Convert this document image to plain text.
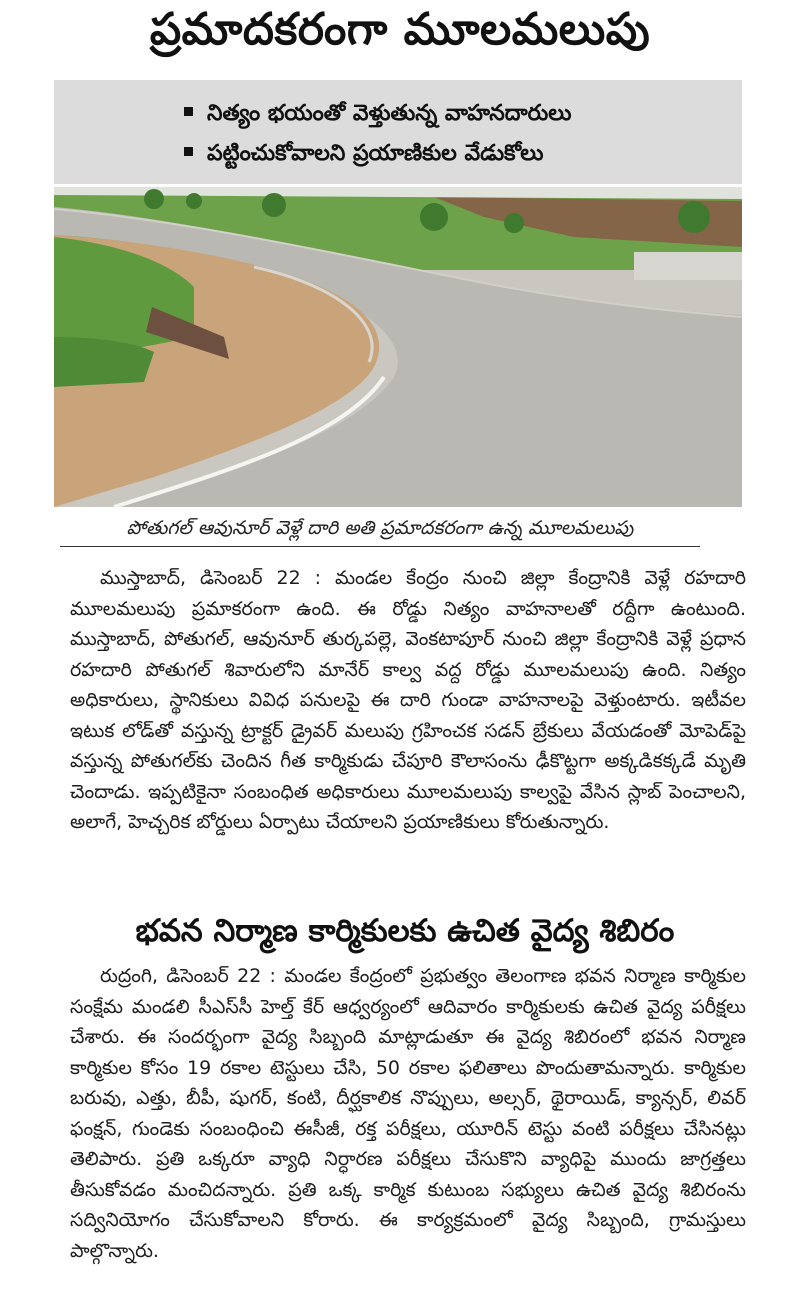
ప్రమాదకరంగా మూలమలుపు
నిత్యం భయంతో వెళ్తుతున్న వాహనదారులు
పట్టించుకోవాలని ప్రయాణికుల వేడుకోలు
పోతుగల్ ఆవునూర్ వెళ్లే దారి అతి ప్రమాదకరంగా ఉన్న మూలమలుపు
ముస్తాబాద్, డిసెంబర్ 22 : మండల కేంద్రం నుంచి జిల్లా కేంద్రానికి వెళ్లే రహదారి మూలమలుపు ప్రమాకరంగా ఉంది. ఈ రోడ్డు నిత్యం వాహనాలతో రద్దీగా ఉంటుంది. ముస్తాబాద్, పోతుగల్, ఆవునూర్ తుర్కపల్లె, వెంకటాపూర్ నుంచి జిల్లా కేంద్రానికి వెళ్లే ప్రధాన రహదారి పోతుగల్ శివారులోని మానేర్ కాల్వ వద్ద రోడ్డు మూలమలుపు ఉంది. నిత్యం అధికారులు, స్థానికులు వివిధ పనులపై ఈ దారి గుండా వాహనాలపై వెళ్తుంటారు. ఇటీవల ఇటుక లోడ్‌తో వస్తున్న ట్రాక్టర్ డ్రైవర్ మలుపు గ్రహించక సడన్ బ్రేకులు వేయడంతో మోపెడ్‌పై వస్తున్న పోతుగల్‌కు చెందిన గీత కార్మికుడు చేపూరి కౌలాసంను ఢీకొట్టగా అక్కడికక్కడే మృతి చెందాడు. ఇప్పటికైనా సంబంధిత అధికారులు మూలమలుపు కాల్వపై వేసిన స్లాబ్ పెంచాలని, అలాగే, హెచ్చరిక బోర్డులు ఏర్పాటు చేయాలని ప్రయాణికులు కోరుతున్నారు.
భవన నిర్మాణ కార్మికులకు ఉచిత వైద్య శిబిరం
రుద్రంగి, డిసెంబర్ 22 : మండల కేంద్రంలో ప్రభుత్వం తెలంగాణ భవన నిర్మాణ కార్మికుల సంక్షేమ మండలి సీఎస్‌సీ హెల్త్ కేర్ ఆధ్వర్యంలో ఆదివారం కార్మికులకు ఉచిత వైద్య పరీక్షలు చేశారు. ఈ సందర్భంగా వైద్య సిబ్బంది మాట్లాడుతూ ఈ వైద్య శిబిరంలో భవన నిర్మాణ కార్మికుల కోసం 19 రకాల టెస్టులు చేసి, 50 రకాల ఫలితాలు పొందుతామన్నారు. కార్మికుల బరువు, ఎత్తు, బీపీ, షుగర్, కంటి, దీర్ఘకాలిక నొప్పులు, అల్సర్, థైరాయిడ్, క్యాన్సర్, లివర్ ఫంక్షన్, గుండెకు సంబంధించి ఈసీజీ, రక్త పరీక్షలు, యూరిన్ టెస్టు వంటి పరీక్షలు చేసినట్లు తెలిపారు. ప్రతి ఒక్కరూ వ్యాధి నిర్ధారణ పరీక్షలు చేసుకొని వ్యాధిపై ముందు జాగ్రత్తలు తీసుకోవడం మంచిదన్నారు. ప్రతి ఒక్క కార్మిక కుటుంబ సభ్యులు ఉచిత వైద్య శిబిరంను సద్వినియోగం చేసుకోవాలని కోరారు. ఈ కార్యక్రమంలో వైద్య సిబ్బంది, గ్రామస్తులు పాల్గొన్నారు.
